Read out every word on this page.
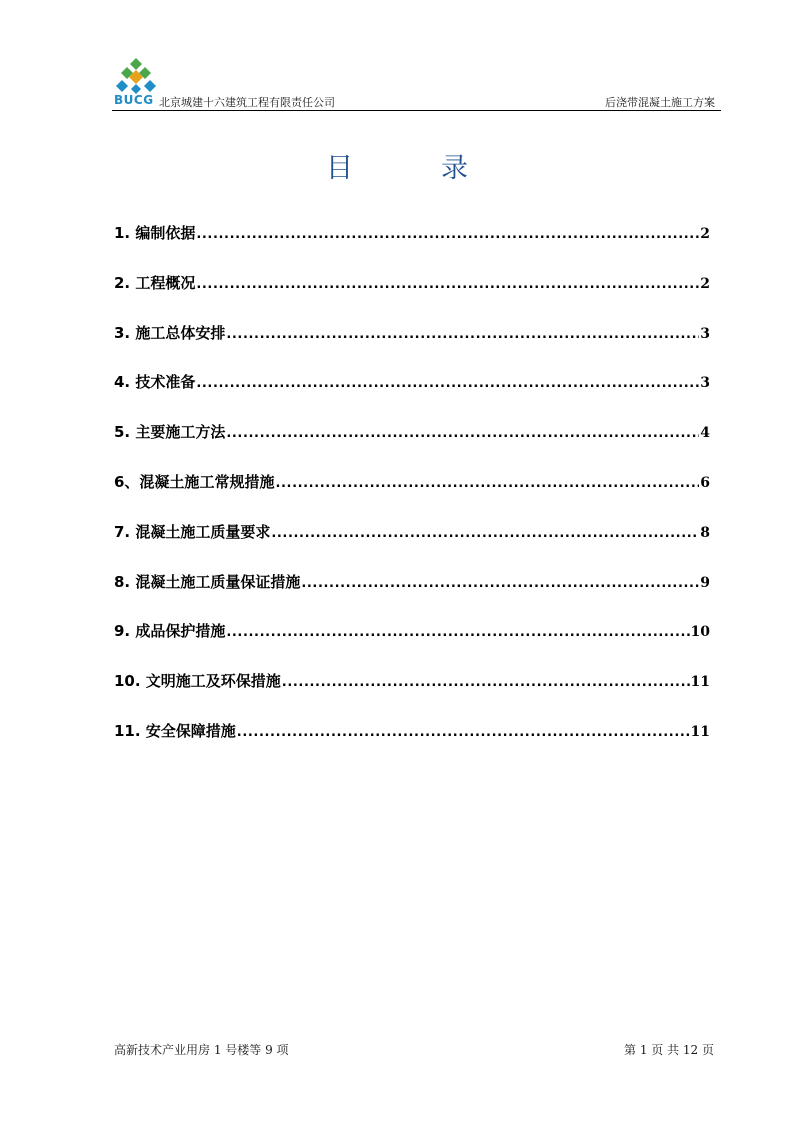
BUCG 北京城建十六建筑工程有限责任公司	后浇带混凝土施工方案
目录
1. 编制依据 .....	2
2. 工程概况 .....	2
3. 施工总体安排 .....	3
4. 技术准备 .....	3
5. 主要施工方法 .....	4
6、混凝土施工常规措施 .....	6
7. 混凝土施工质量要求 .....	8
8. 混凝土施工质量保证措施 .....	9
9. 成品保护措施 .....	10
10. 文明施工及环保措施 .....	11
11. 安全保障措施 .....	11
高新技术产业用房 1 号楼等 9 项	第 1 页 共 12 页
